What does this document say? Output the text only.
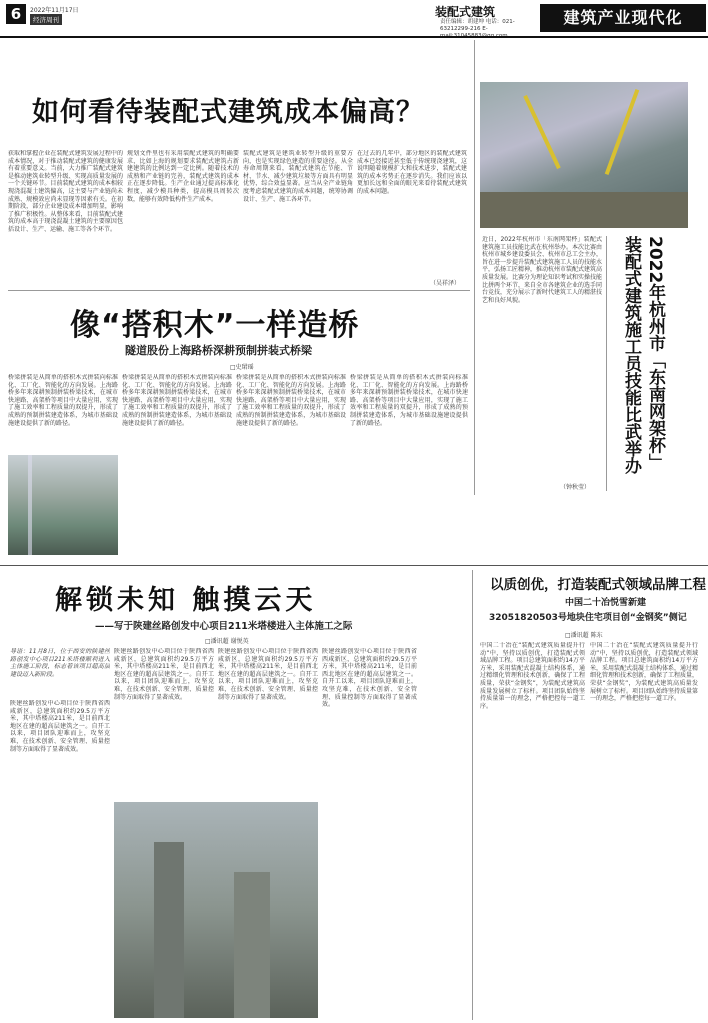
6	2022年11月17日
经济周刊
装配式建筑
责任编辑：胡建坤 电话：021-63212299-216 E-
建筑产业现代化
如何看待装配式建筑成本偏高？
获取和掌握企业在装配式建筑发展过程中的成本情况，对于推动装配式建筑的健康发展有着重要意义。当前，大力推广装配式建筑是推动建筑业转型升级、实现高质量发展的一个关键环节。目前装配式建筑的成本相较现浇混凝土建筑偏高，这主要与产业链尚未成熟、规模效应尚未显现等因素有关。在初期阶段，部分企业建设成本增加明显，影响了推广积极性。从整体来看，目前装配式建筑的成本高于现浇混凝土建筑的主要原因包括设计、生产、运输、施工等各个环节。
规划文件里也有采用装配式建筑的明确要求，比如上海的规划要求装配式建筑占新建建筑的比例达到一定比例。随着技术的成熟和产业链的完善，装配式建筑的成本正在逐步降低。生产企业通过提高标准化程度，减少模具种类，提高模具周转次数，能够有效降低构件生产成本。
装配式建筑是建筑业转型升级的重要方向，也是实现绿色建造的重要途径。从全寿命周期来看，装配式建筑在节能、节材、节水、减少建筑垃圾等方面具有明显优势，综合效益显著。应当从全产业链角度考虑装配式建筑的成本问题，统筹协调设计、生产、施工各环节。
在过去的几年中，部分地区的装配式建筑成本已经接近甚至低于传统现浇建筑，这说明随着规模扩大和技术进步，装配式建筑的成本劣势正在逐步消失。我们应该以更加长远和全面的眼光来看待装配式建筑的成本问题。
（吴祥泽）
近日，2022年杭州市「东南网架杯」装配式建筑施工员技能比武在杭州举办。本次比赛由杭州市城乡建设委员会、杭州市总工会主办，旨在进一步提升装配式建筑施工人员的技能水平，弘扬工匠精神，推动杭州市装配式建筑高质量发展。比赛分为理论知识考试和实操技能比拼两个环节，来自全市各建筑企业的选手同台竞技，充分展示了新时代建筑工人的精湛技艺和良好风貌。	2022年杭州市「东南网架杯」装配式建筑施工员技能比武举办
（钟秋莹）
像“搭积木”一样造桥
隧道股份上海路桥深耕预制拼装式桥梁
□史珺瑶
桥梁拼装是从简单的搭积木式拼装向标准化、工厂化、智能化的方向发展。上海路桥多年来深耕预制拼装桥梁技术，在城市快速路、高架桥等项目中大量应用，实现了施工效率和工程质量的双提升，形成了成熟的预制拼装建造体系，为城市基础设施建设提供了新的路径。
桥梁拼装是从简单的搭积木式拼装向标准化、工厂化、智能化的方向发展。上海路桥多年来深耕预制拼装桥梁技术，在城市快速路、高架桥等项目中大量应用，实现了施工效率和工程质量的双提升，形成了成熟的预制拼装建造体系，为城市基础设施建设提供了新的路径。
桥梁拼装是从简单的搭积木式拼装向标准化、工厂化、智能化的方向发展。上海路桥多年来深耕预制拼装桥梁技术，在城市快速路、高架桥等项目中大量应用，实现了施工效率和工程质量的双提升，形成了成熟的预制拼装建造体系，为城市基础设施建设提供了新的路径。
桥梁拼装是从简单的搭积木式拼装向标准化、工厂化、智能化的方向发展。上海路桥多年来深耕预制拼装桥梁技术，在城市快速路、高架桥等项目中大量应用，实现了施工效率和工程质量的双提升，形成了成熟的预制拼装建造体系，为城市基础设施建设提供了新的路径。
解锁未知 触摸云天
——写于陕建丝路创发中心项目211米塔楼进入主体施工之际
□潘讯超 谢悦英
导语：11月8日，位于西安的陕建丝路创发中心项目211米塔楼顺利进入主体施工阶段，标志着该项目超高层建设迈入新阶段。
陕建丝路创发中心项目位于陕西省西咸新区，总建筑面积约29.5万平方米，其中塔楼高211米，是目前西北地区在建的超高层建筑之一。自开工以来，项目团队迎难而上，攻坚克难，在技术创新、安全管理、质量控制等方面取得了显著成效。
陕建丝路创发中心项目位于陕西省西咸新区，总建筑面积约29.5万平方米，其中塔楼高211米，是目前西北地区在建的超高层建筑之一。自开工以来，项目团队迎难而上，攻坚克难，在技术创新、安全管理、质量控制等方面取得了显著成效。
陕建丝路创发中心项目位于陕西省西咸新区，总建筑面积约29.5万平方米，其中塔楼高211米，是目前西北地区在建的超高层建筑之一。自开工以来，项目团队迎难而上，攻坚克难，在技术创新、安全管理、质量控制等方面取得了显著成效。
陕建丝路创发中心项目位于陕西省西咸新区，总建筑面积约29.5万平方米，其中塔楼高211米，是目前西北地区在建的超高层建筑之一。自开工以来，项目团队迎难而上，攻坚克难，在技术创新、安全管理、质量控制等方面取得了显著成效。
以质创优，打造装配式领域品牌工程
中国二十冶悦雪新建
32051820503号地块住宅项目创“金钢奖”侧记
□潘讯超 陈东
中国二十冶在“装配式建筑质量提升行动”中，坚持以质创优，打造装配式领域品牌工程。项目总建筑面积约14万平方米，采用装配式混凝土结构体系，通过精细化管理和技术创新，确保了工程质量，荣获“金钢奖”，为装配式建筑高质量发展树立了标杆。项目团队始终坚持质量第一的理念，严格把控每一道工序。
中国二十冶在“装配式建筑质量提升行动”中，坚持以质创优，打造装配式领域品牌工程。项目总建筑面积约14万平方米，采用装配式混凝土结构体系，通过精细化管理和技术创新，确保了工程质量，荣获“金钢奖”，为装配式建筑高质量发展树立了标杆。项目团队始终坚持质量第一的理念，严格把控每一道工序。
